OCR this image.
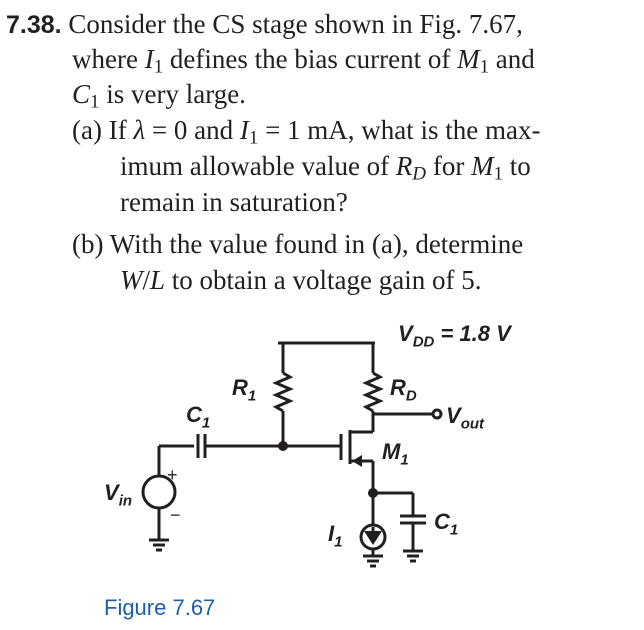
7.38. Consider the CS stage shown in Fig. 7.67,
where $I_1$ defines the bias current of $M_1$ and
$C_1$ is very large.
(a) If λ = 0 and $I_1 = 1$ mA, what is the max-
imum allowable value of $R_D$ for $M_1$ to
remain in saturation?
(b) With the value found in (a), determine
W/L to obtain a voltage gain of 5.
$V_{DD} = 1.8$ V
$R_1$	$R_D$
$V_{out}$
$C_1$
$M_1$
$V_{in}$
$I_1$
$C_1$
+
−
Figure 7.67
